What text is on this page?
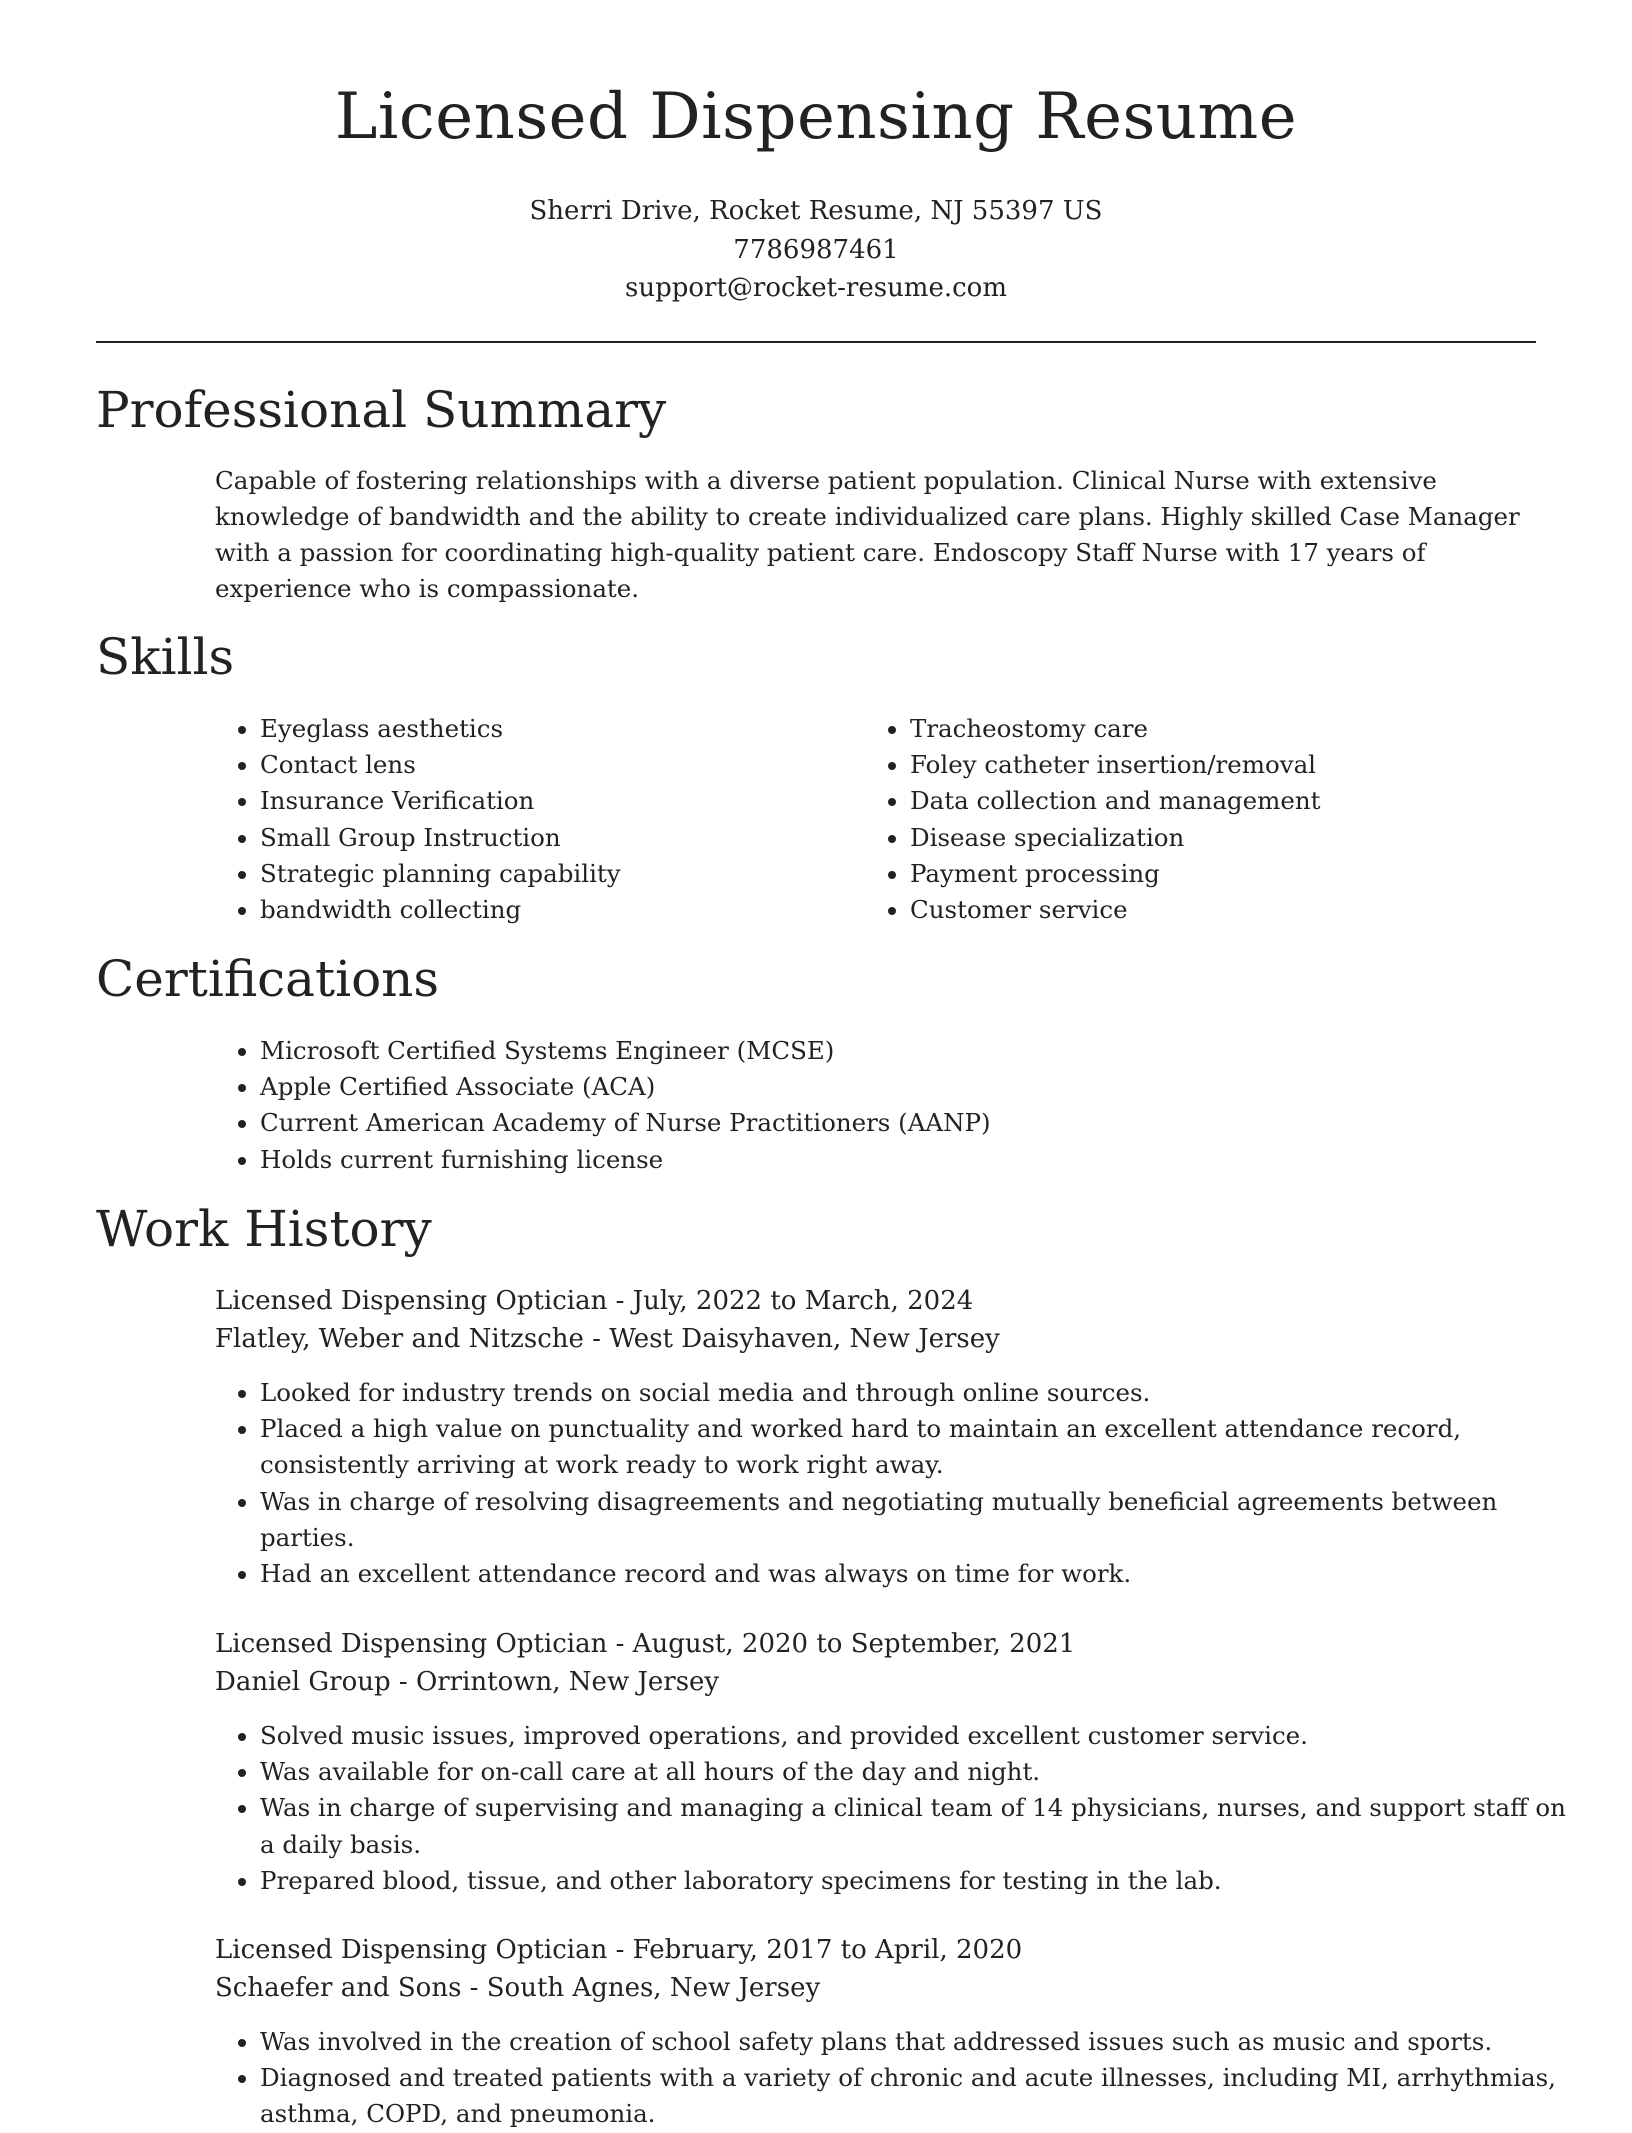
Licensed Dispensing Resume
Sherri Drive, Rocket Resume, NJ 55397 US
7786987461
support@rocket-resume.com
Professional Summary

Capable of fostering relationships with a diverse patient population. Clinical Nurse with extensive knowledge of bandwidth and the ability to create individualized care plans. Highly skilled Case Manager with a passion for coordinating high-quality patient care. Endoscopy Staff Nurse with 17 years of experience who is compassionate.

Skills
• Eyeglass aesthetics
• Contact lens
• Insurance Verification
• Small Group Instruction
• Strategic planning capability
• bandwidth collecting
• Tracheostomy care
• Foley catheter insertion/removal
• Data collection and management
• Disease specialization
• Payment processing
• Customer service
Certifications
• Microsoft Certified Systems Engineer (MCSE)
• Apple Certified Associate (ACA)
• Current American Academy of Nurse Practitioners (AANP)
• Holds current furnishing license
Work History
Licensed Dispensing Optician - July, 2022 to March, 2024
Flatley, Weber and Nitzsche - West Daisyhaven, New Jersey
• Looked for industry trends on social media and through online sources.
• Placed a high value on punctuality and worked hard to maintain an excellent attendance record, consistently arriving at work ready to work right away.
• Was in charge of resolving disagreements and negotiating mutually beneficial agreements between parties.
• Had an excellent attendance record and was always on time for work.
Licensed Dispensing Optician - August, 2020 to September, 2021
Daniel Group - Orrintown, New Jersey
• Solved music issues, improved operations, and provided excellent customer service.
• Was available for on-call care at all hours of the day and night.
• Was in charge of supervising and managing a clinical team of 14 physicians, nurses, and support staff on a daily basis.
• Prepared blood, tissue, and other laboratory specimens for testing in the lab.
Licensed Dispensing Optician - February, 2017 to April, 2020
Schaefer and Sons - South Agnes, New Jersey
• Was involved in the creation of school safety plans that addressed issues such as music and sports.
• Diagnosed and treated patients with a variety of chronic and acute illnesses, including MI, arrhythmias, asthma, COPD, and pneumonia.
